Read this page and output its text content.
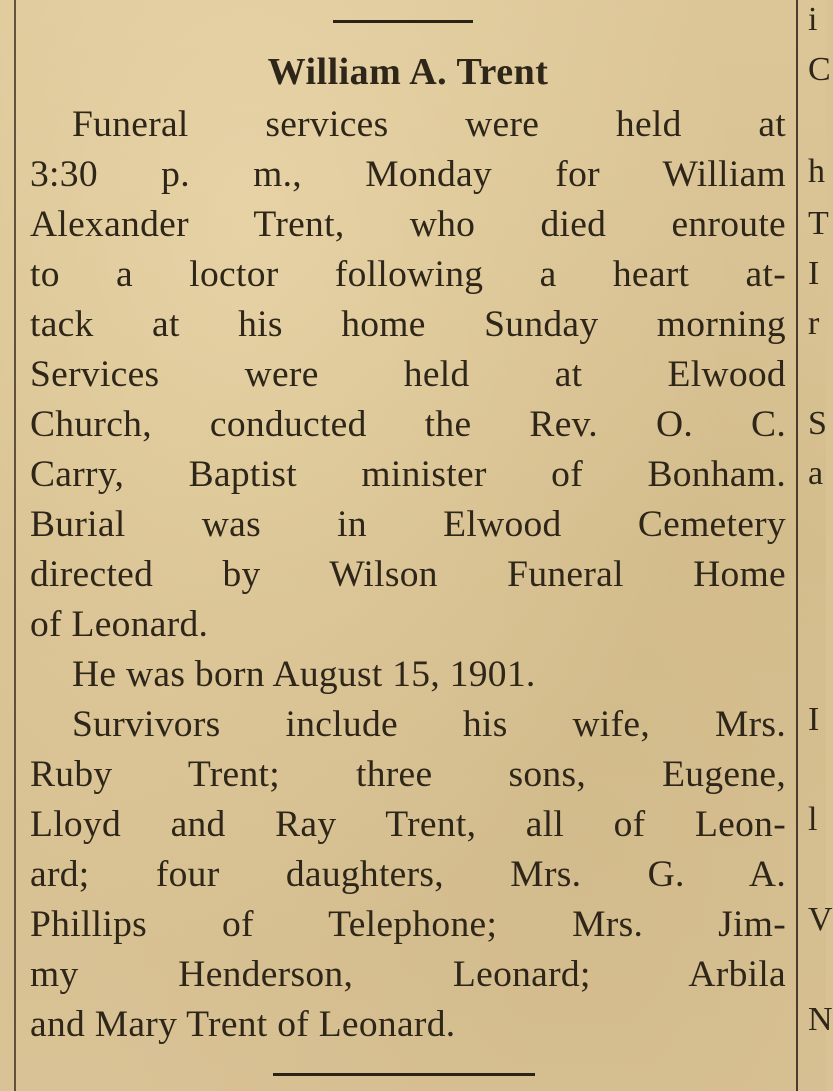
William A. Trent
Funeral services were held at
3:30 p. m., Monday for William
Alexander Trent, who died enroute
to a loctor following a heart at-
tack at his home Sunday morning
Services were held at Elwood
Church, conducted the Rev. O. C.
Carry, Baptist minister of Bonham.
Burial was in Elwood Cemetery
directed by Wilson Funeral Home
of Leonard.
He was born August 15, 1901.
Survivors include his wife, Mrs.
Ruby Trent; three sons, Eugene,
Lloyd and Ray Trent, all of Leon-
ard; four daughters, Mrs. G. A.
Phillips of Telephone; Mrs. Jim-
my Henderson, Leonard; Arbila
and Mary Trent of Leonard.
i
C
h
T
I
r
S
a
I
l
V
N
